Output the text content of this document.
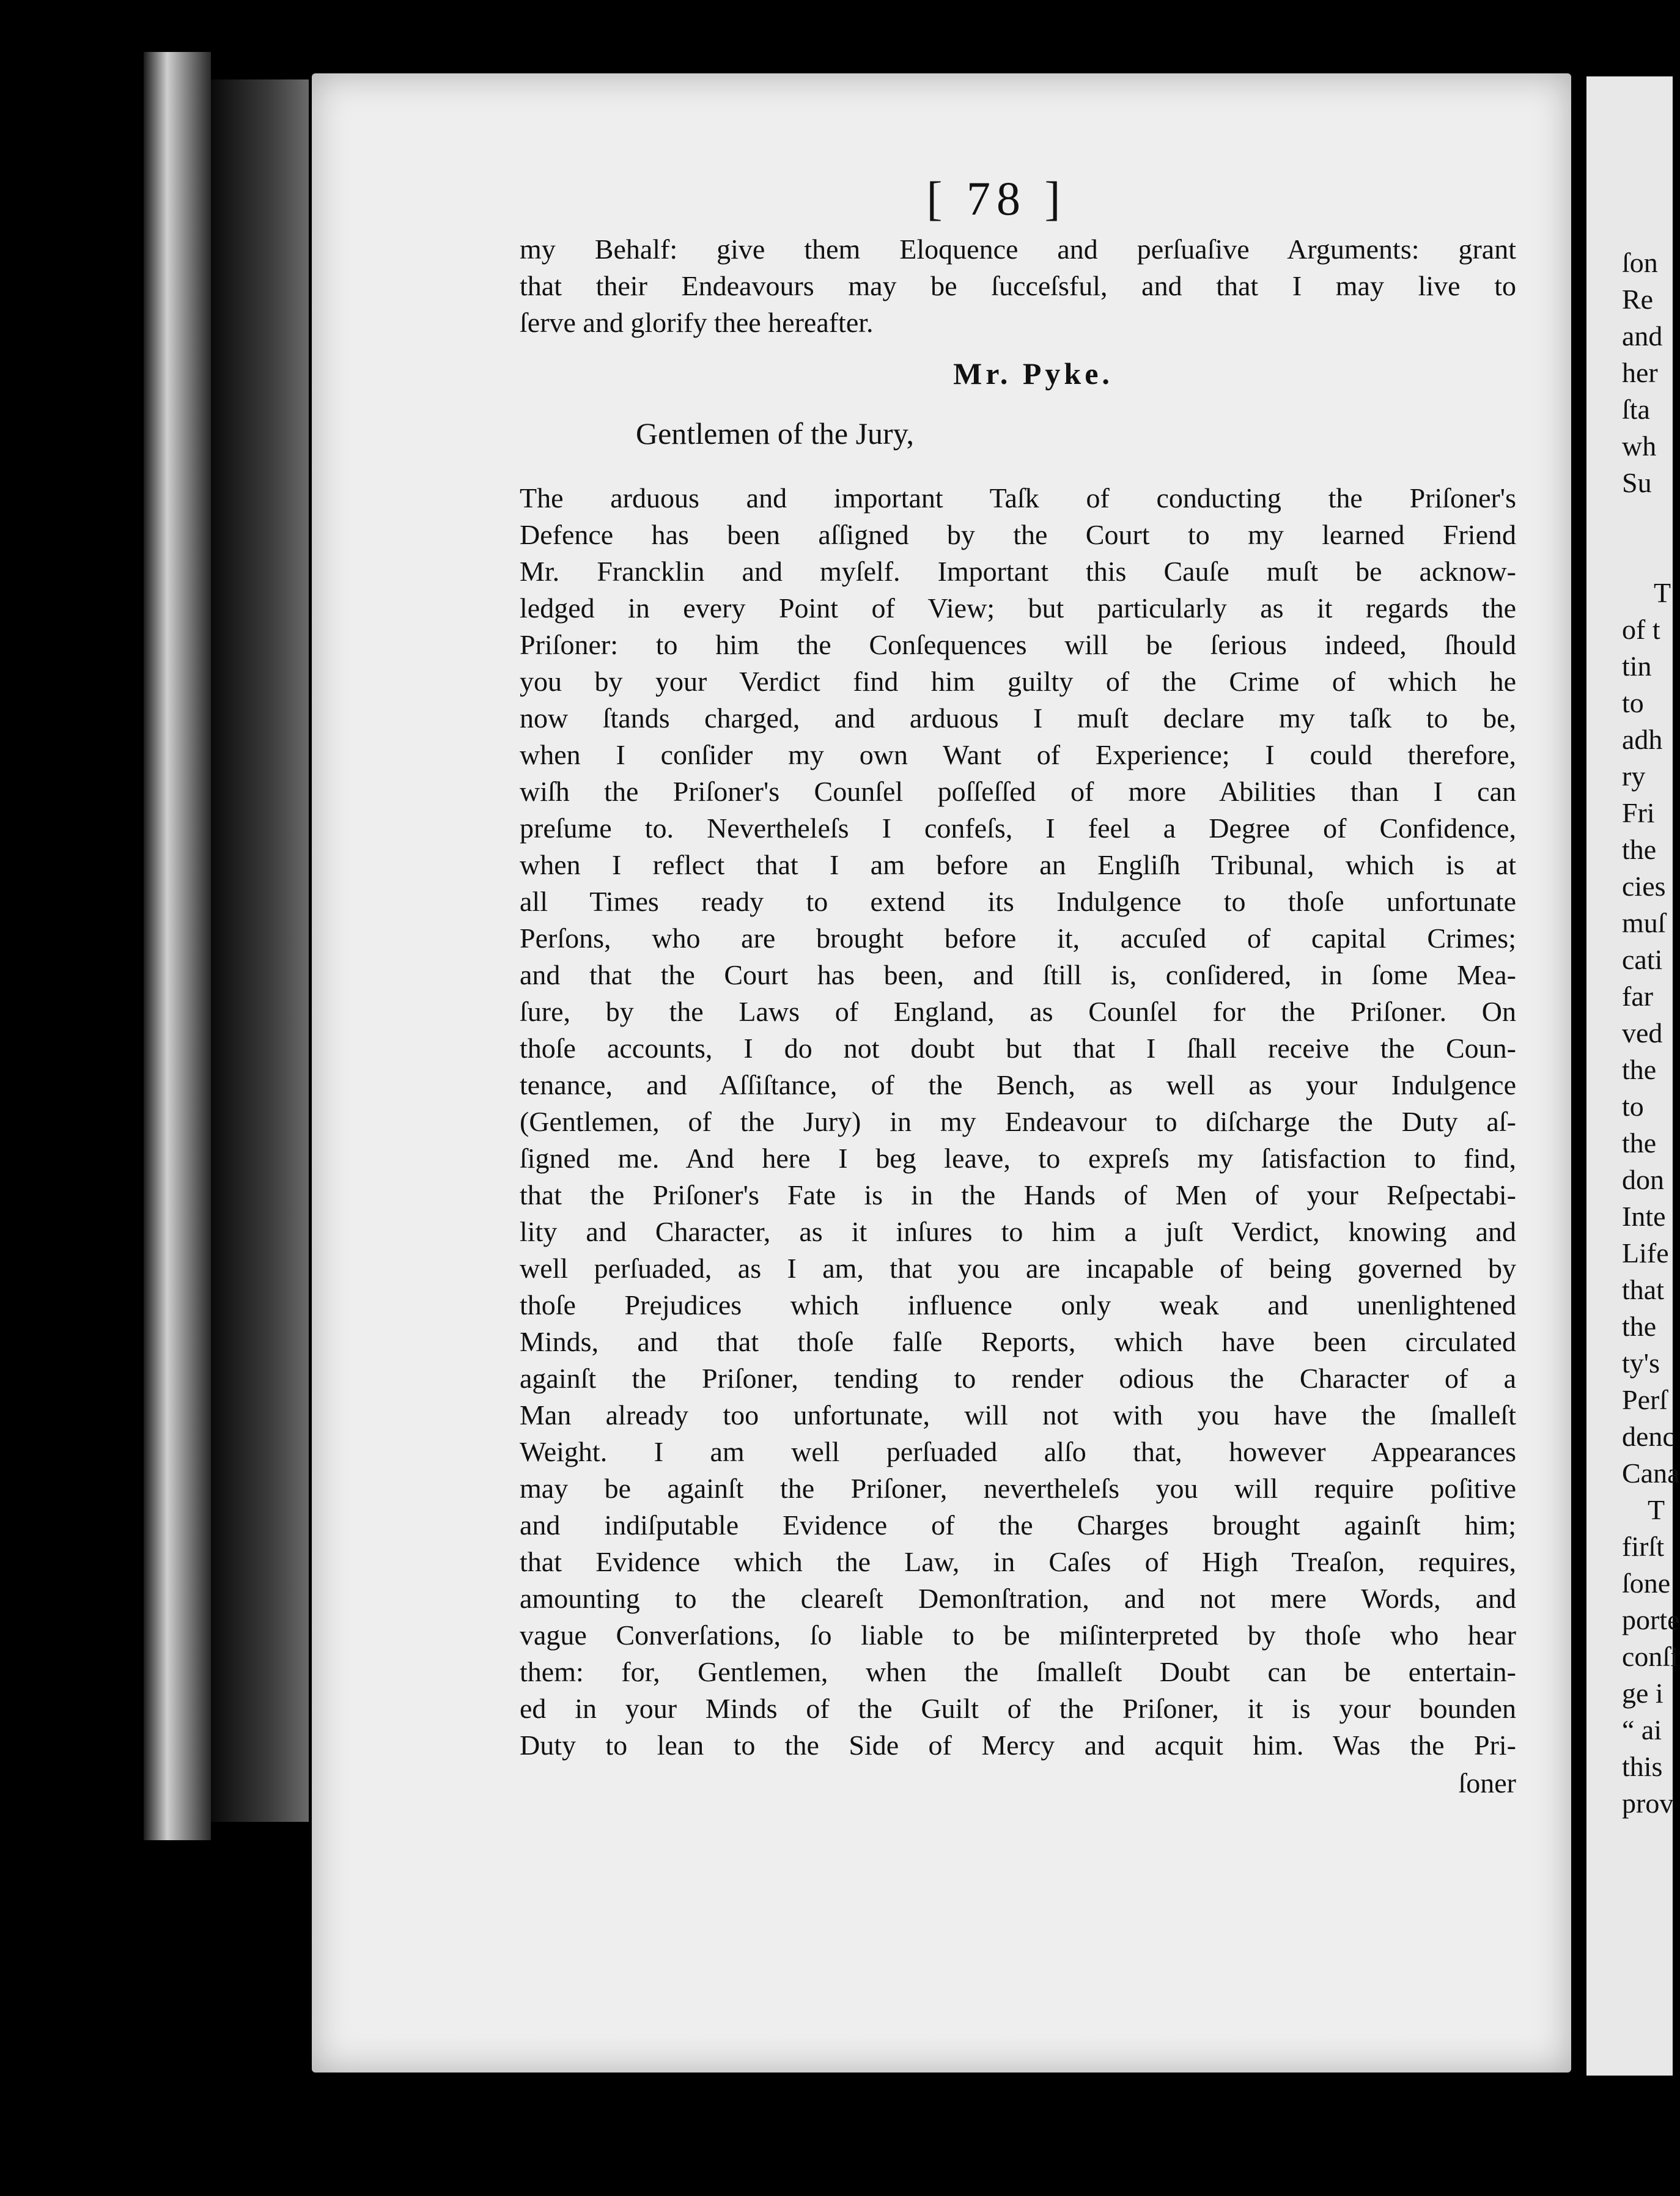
[ 78 ]
my Behalf: give them Eloquence and perſuaſive Arguments: grant
that their Endeavours may be ſucceſsful, and that I may live to
ſerve and glorify thee hereafter.
Mr. Pyke.
Gentlemen of the Jury,
The arduous and important Taſk of conducting the Priſoner's
Defence has been aſſigned by the Court to my learned Friend
Mr. Francklin and myſelf. Important this Cauſe muſt be acknow-
ledged in every Point of View; but particularly as it regards the
Priſoner: to him the Conſequences will be ſerious indeed, ſhould
you by your Verdict find him guilty of the Crime of which he
now ſtands charged, and arduous I muſt declare my taſk to be,
when I conſider my own Want of Experience; I could therefore,
wiſh the Priſoner's Counſel poſſeſſed of more Abilities than I can
preſume to. Nevertheleſs I confeſs, I feel a Degree of Confidence,
when I reflect that I am before an Engliſh Tribunal, which is at
all Times ready to extend its Indulgence to thoſe unfortunate
Perſons, who are brought before it, accuſed of capital Crimes;
and that the Court has been, and ſtill is, conſidered, in ſome Mea-
ſure, by the Laws of England, as Counſel for the Priſoner. On
thoſe accounts, I do not doubt but that I ſhall receive the Coun-
tenance, and Aſſiſtance, of the Bench, as well as your Indulgence
(Gentlemen, of the Jury) in my Endeavour to diſcharge the Duty aſ-
ſigned me. And here I beg leave, to expreſs my ſatisfaction to find,
that the Priſoner's Fate is in the Hands of Men of your Reſpectabi-
lity and Character, as it inſures to him a juſt Verdict, knowing and
well perſuaded, as I am, that you are incapable of being governed by
thoſe Prejudices which influence only weak and unenlightened
Minds, and that thoſe falſe Reports, which have been circulated
againſt the Priſoner, tending to render odious the Character of a
Man already too unfortunate, will not with you have the ſmalleſt
Weight. I am well perſuaded alſo that, however Appearances
may be againſt the Priſoner, nevertheleſs you will require poſitive
and indiſputable Evidence of the Charges brought againſt him;
that Evidence which the Law, in Caſes of High Treaſon, requires,
amounting to the cleareſt Demonſtration, and not mere Words, and
vague Converſations, ſo liable to be miſinterpreted by thoſe who hear
them: for, Gentlemen, when the ſmalleſt Doubt can be entertain-
ed in your Minds of the Guilt of the Priſoner, it is your bounden
Duty to lean to the Side of Mercy and acquit him. Was the Pri-
ſoner
ſon
Re
and
her
ſta
wh
Su
T
of t
tin
to
adh
ry
Fri
the
cies
muſ
cati
far
ved
the
to
the
don
Inte
Life
that
the
ty's
Perſ
denc
Cana
T
firſt
ſone
porte
conſi
ge i
“ ai
this
prov
